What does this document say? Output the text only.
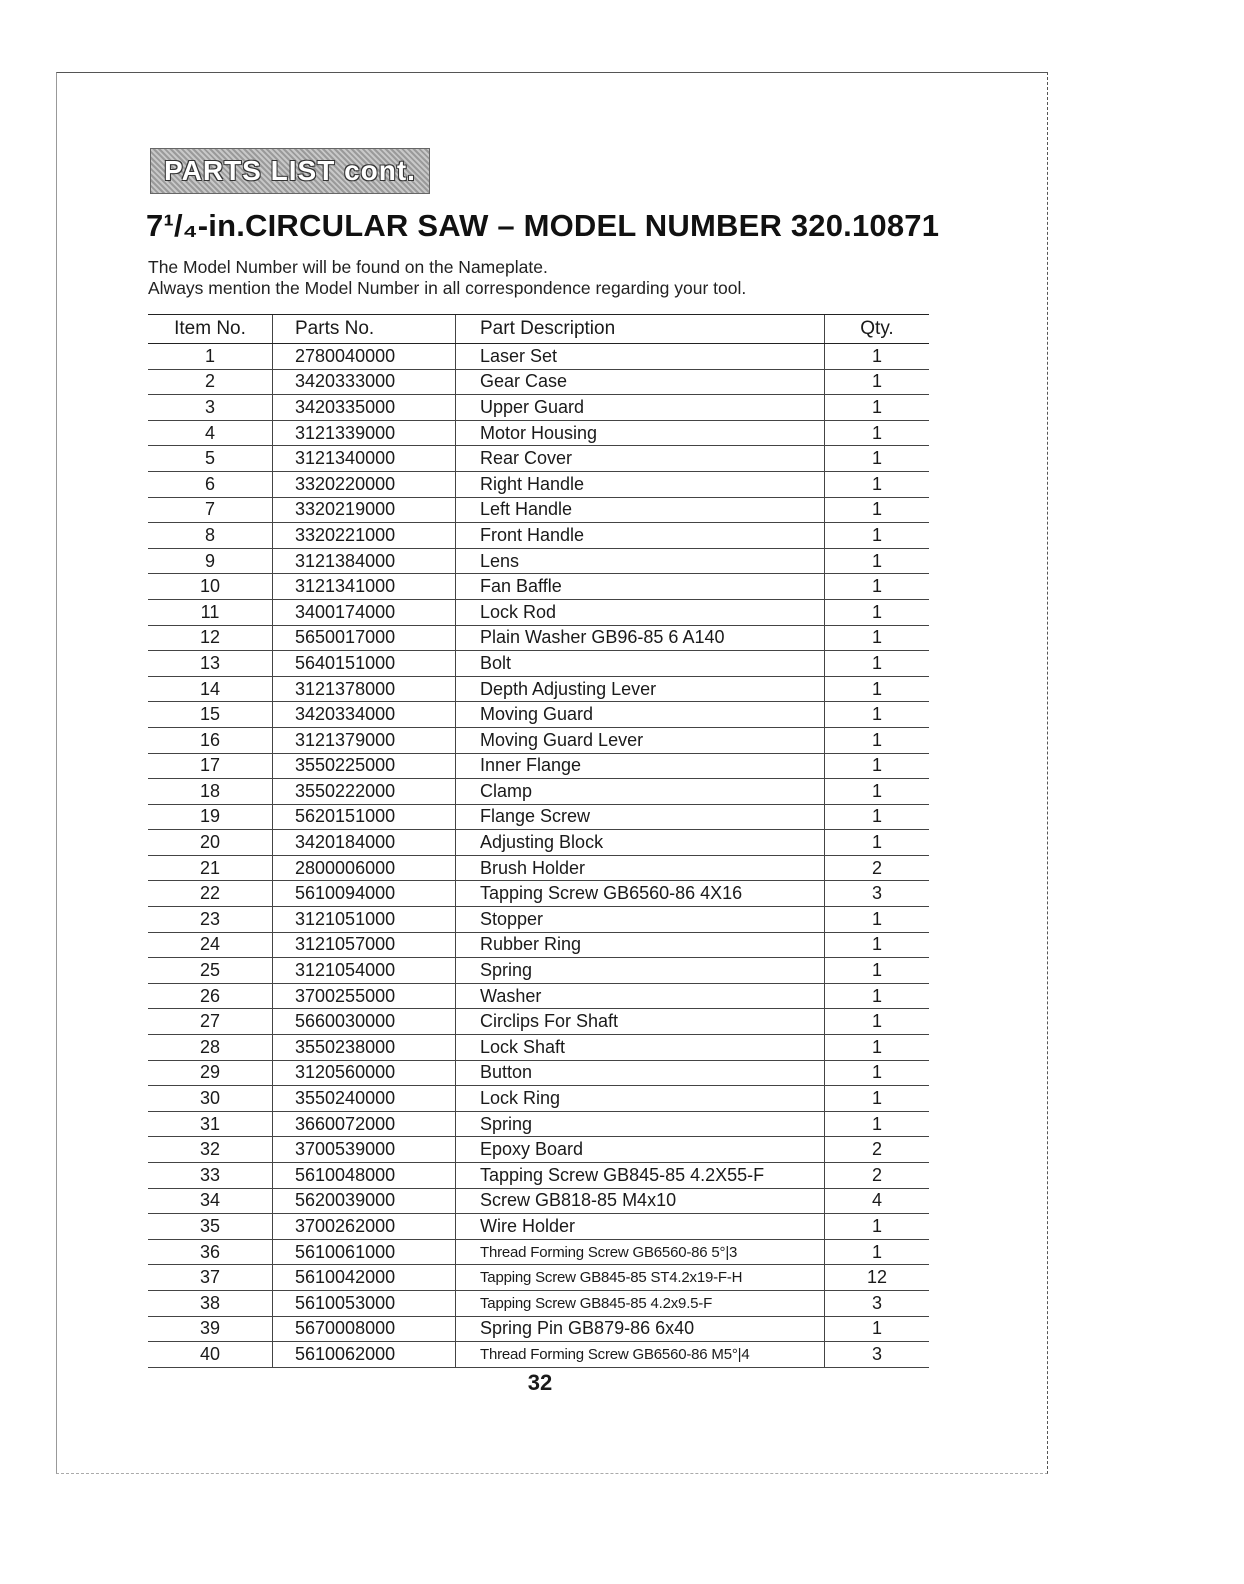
PARTS LIST cont.
7¹/₄-in.CIRCULAR SAW – MODEL NUMBER 320.10871
The Model Number will be found on the Nameplate.
Always mention the Model Number in all correspondence regarding your tool.
Item No.	Parts No.	Part Description	Qty.
1	2780040000	Laser Set	1
2	3420333000	Gear Case	1
3	3420335000	Upper Guard	1
4	3121339000	Motor Housing	1
5	3121340000	Rear Cover	1
6	3320220000	Right Handle	1
7	3320219000	Left Handle	1
8	3320221000	Front Handle	1
9	3121384000	Lens	1
10	3121341000	Fan Baffle	1
11	3400174000	Lock Rod	1
12	5650017000	Plain Washer GB96-85 6 A140	1
13	5640151000	Bolt	1
14	3121378000	Depth Adjusting Lever	1
15	3420334000	Moving Guard	1
16	3121379000	Moving Guard Lever	1
17	3550225000	Inner Flange	1
18	3550222000	Clamp	1
19	5620151000	Flange Screw	1
20	3420184000	Adjusting Block	1
21	2800006000	Brush Holder	2
22	5610094000	Tapping Screw GB6560-86 4X16	3
23	3121051000	Stopper	1
24	3121057000	Rubber Ring	1
25	3121054000	Spring	1
26	3700255000	Washer	1
27	5660030000	Circlips For Shaft	1
28	3550238000	Lock Shaft	1
29	3120560000	Button	1
30	3550240000	Lock Ring	1
31	3660072000	Spring	1
32	3700539000	Epoxy Board	2
33	5610048000	Tapping Screw GB845-85 4.2X55-F	2
34	5620039000	Screw GB818-85 M4x10	4
35	3700262000	Wire Holder	1
36	5610061000	Thread Forming Screw GB6560-86 5°|3	1
37	5610042000	Tapping Screw GB845-85 ST4.2x19-F-H	12
38	5610053000	Tapping Screw GB845-85 4.2x9.5-F	3
39	5670008000	Spring Pin GB879-86 6x40	1
40	5610062000	Thread Forming Screw GB6560-86 M5°|4	3
32
